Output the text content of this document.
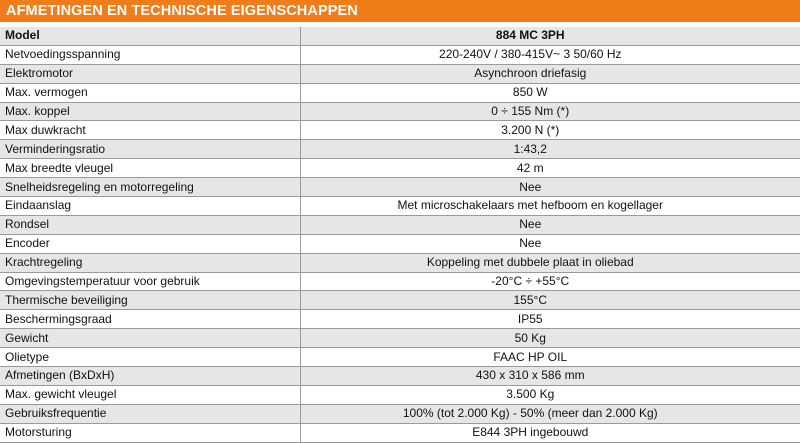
AFMETINGEN EN TECHNISCHE EIGENSCHAPPEN
Model	884 MC 3PH
Netvoedingsspanning	220-240V / 380-415V~ 3 50/60 Hz
Elektromotor	Asynchroon driefasig
Max. vermogen	850 W
Max. koppel	0 ÷ 155 Nm (*)
Max duwkracht	3.200 N (*)
Verminderingsratio	1:43,2
Max breedte vleugel	42 m
Snelheidsregeling en motorregeling	Nee
Eindaanslag	Met microschakelaars met hefboom en kogellager
Rondsel	Nee
Encoder	Nee
Krachtregeling	Koppeling met dubbele plaat in oliebad
Omgevingstemperatuur voor gebruik	-20°C ÷ +55°C
Thermische beveiliging	155°C
Beschermingsgraad	IP55
Gewicht	50 Kg
Olietype	FAAC HP OIL
Afmetingen (BxDxH)	430 x 310 x 586 mm
Max. gewicht vleugel	3.500 Kg
Gebruiksfrequentie	100% (tot 2.000 Kg) - 50% (meer dan 2.000 Kg)
Motorsturing	E844 3PH ingebouwd
